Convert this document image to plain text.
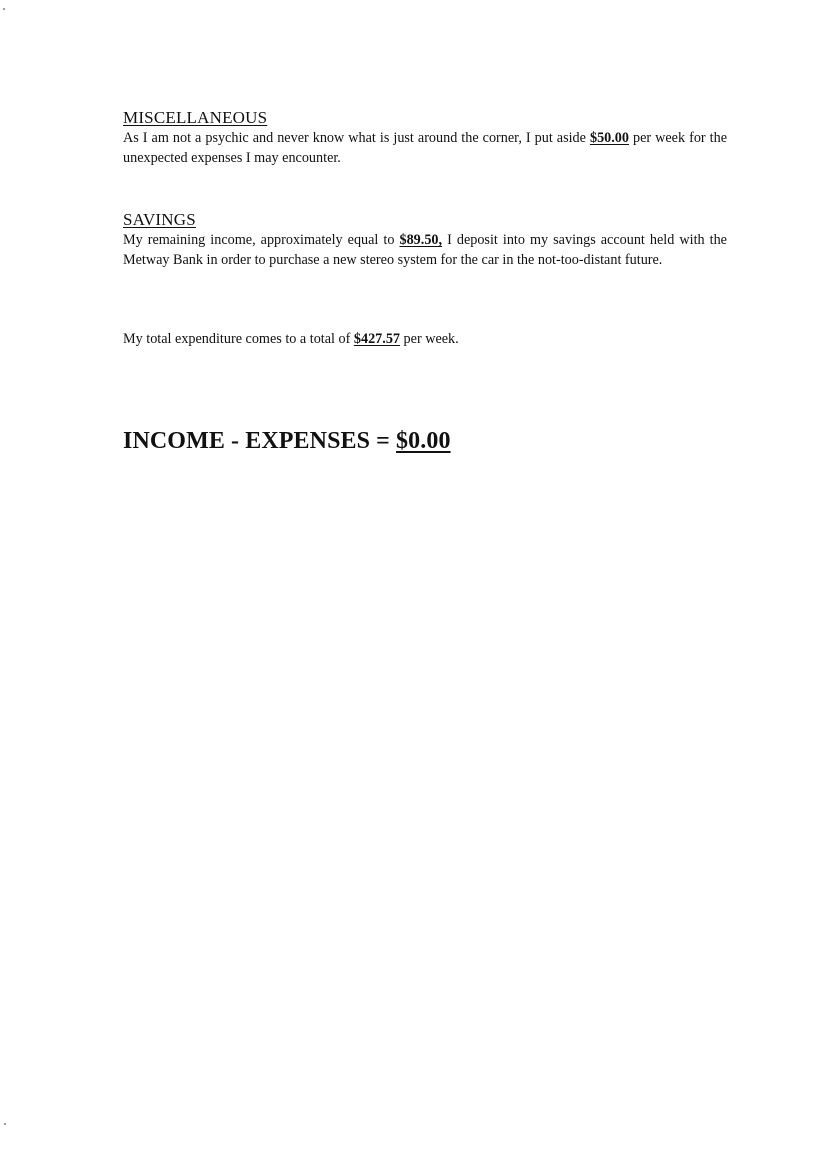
MISCELLANEOUS

As I am not a psychic and never know what is just around the corner, I put aside $50.00 per week for the unexpected expenses I may encounter.

SAVINGS

My remaining income, approximately equal to $89.50, I deposit into my savings account held with the Metway Bank in order to purchase a new stereo system for the car in the not-too-distant future.

My total expenditure comes to a total of $427.57 per week.

INCOME - EXPENSES = $0.00
